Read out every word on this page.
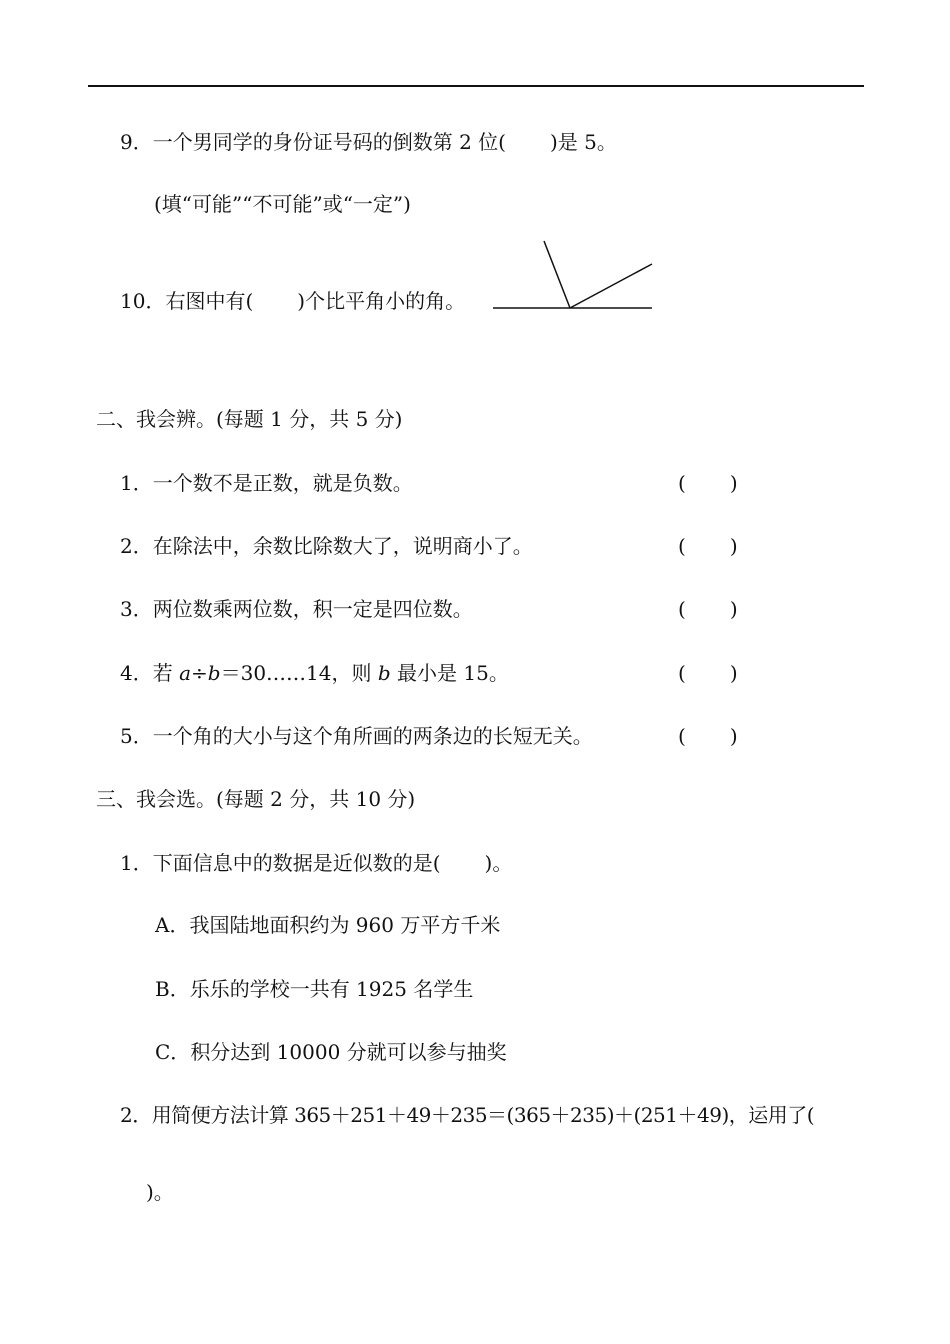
9．一个男同学的身份证号码的倒数第 2 位( )是 5。
(填“可能”“不可能”或“一定”)
10．右图中有( )个比平角小的角。
二、我会辨。(每题 1 分，共 5 分)
1．一个数不是正数，就是负数。	( )
2．在除法中，余数比除数大了，说明商小了。	( )
3．两位数乘两位数，积一定是四位数。	( )
4．若 a÷b＝30……14，则 b 最小是 15。	( )
5．一个角的大小与这个角所画的两条边的长短无关。	( )
三、我会选。(每题 2 分，共 10 分)
1．下面信息中的数据是近似数的是( )。
A．我国陆地面积约为 960 万平方千米
B．乐乐的学校一共有 1925 名学生
C．积分达到 10000 分就可以参与抽奖
2．用简便方法计算 365＋251＋49＋235＝(365＋235)＋(251＋49)，运用了(
)。
